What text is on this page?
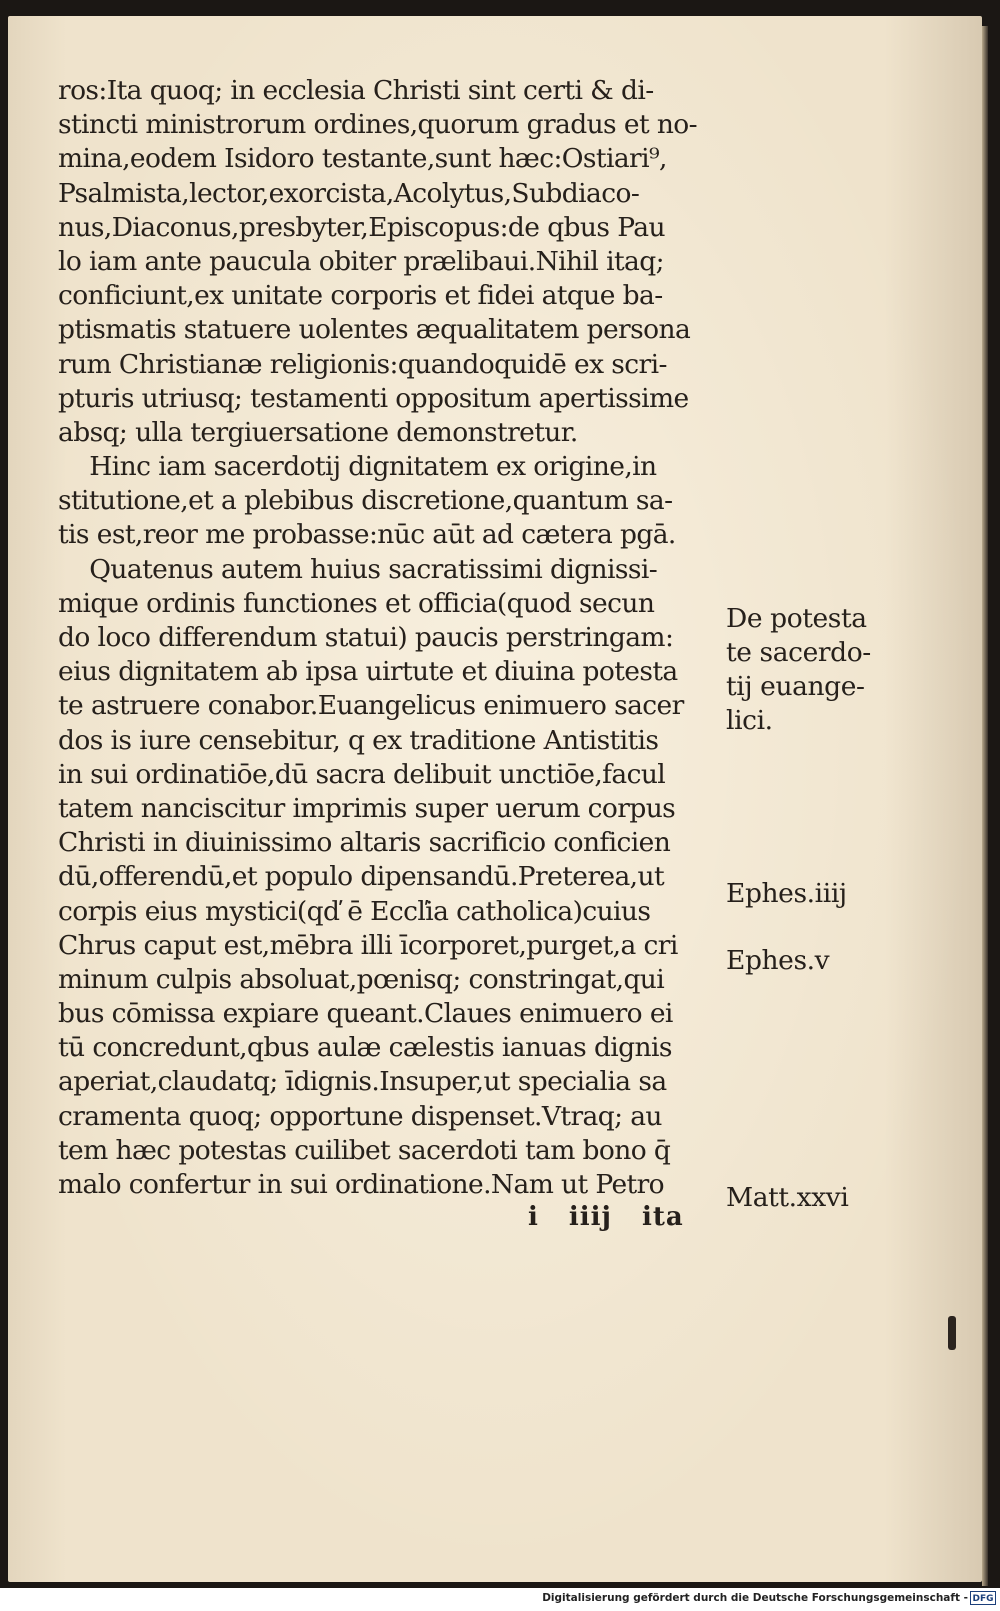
ros:Ita quoq; in ecclesia Christi sint certi & di-
stincti ministrorum ordines,quorum gradus et no-
mina,eodem Isidoro testante,sunt hæc:Ostiari⁹,
Psalmista,lector,exorcista,Acolytus,Subdiaco-
nus,Diaconus,presbyter,Episcopus:de qbus Pau
lo iam ante paucula obiter prælibaui.Nihil itaq;
conficiunt,ex unitate corporis et fidei atque ba-
ptismatis statuere uolentes æqualitatem persona
rum Christianæ religionis:quandoquidē ex scri-
pturis utriusq; testamenti oppositum apertissime
absq; ulla tergiuersatione demonstretur.
Hinc iam sacerdotij dignitatem ex origine,in
stitutione,et a plebibus discretione,quantum sa-
tis est,reor me probasse:nūc aūt ad cætera pgā.
Quatenus autem huius sacratissimi dignissi-
mique ordinis functiones et officia(quod secun
do loco differendum statui) paucis perstringam:
eius dignitatem ab ipsa uirtute et diuina potesta
te astruere conabor.Euangelicus enimuero sacer
dos is iure censebitur, q ex traditione Antistitis
in sui ordinatiōe,dū sacra delibuit unctiōe,facul
tatem nanciscitur imprimis super uerum corpus
Christi in diuinissimo altaris sacrificio conficien
dū,offerendū,et populo dipensandū.Preterea,ut
corpis eius mystici(qď ē Eccľia catholica)cuius
Chrus caput est,mēbra illi īcorporet,purget,a cri
minum culpis absoluat,pœnisq; constringat,qui
bus cōmissa expiare queant.Claues enimuero ei
tū concredunt,qbus aulæ cælestis ianuas dignis
aperiat,claudatq; īdignis.Insuper,ut specialia sa
cramenta quoq; opportune dispenset.Vtraq; au
tem hæc potestas cuilibet sacerdoti tam bono q̄
malo confertur in sui ordinatione.Nam ut Petro
i iiij ita
De potesta
te sacerdo-
tij euange-
lici.
Ephes.iiij
Ephes.v
Matt.xxvi
Digitalisierung gefördert durch die Deutsche Forschungsgemeinschaft - DFG
